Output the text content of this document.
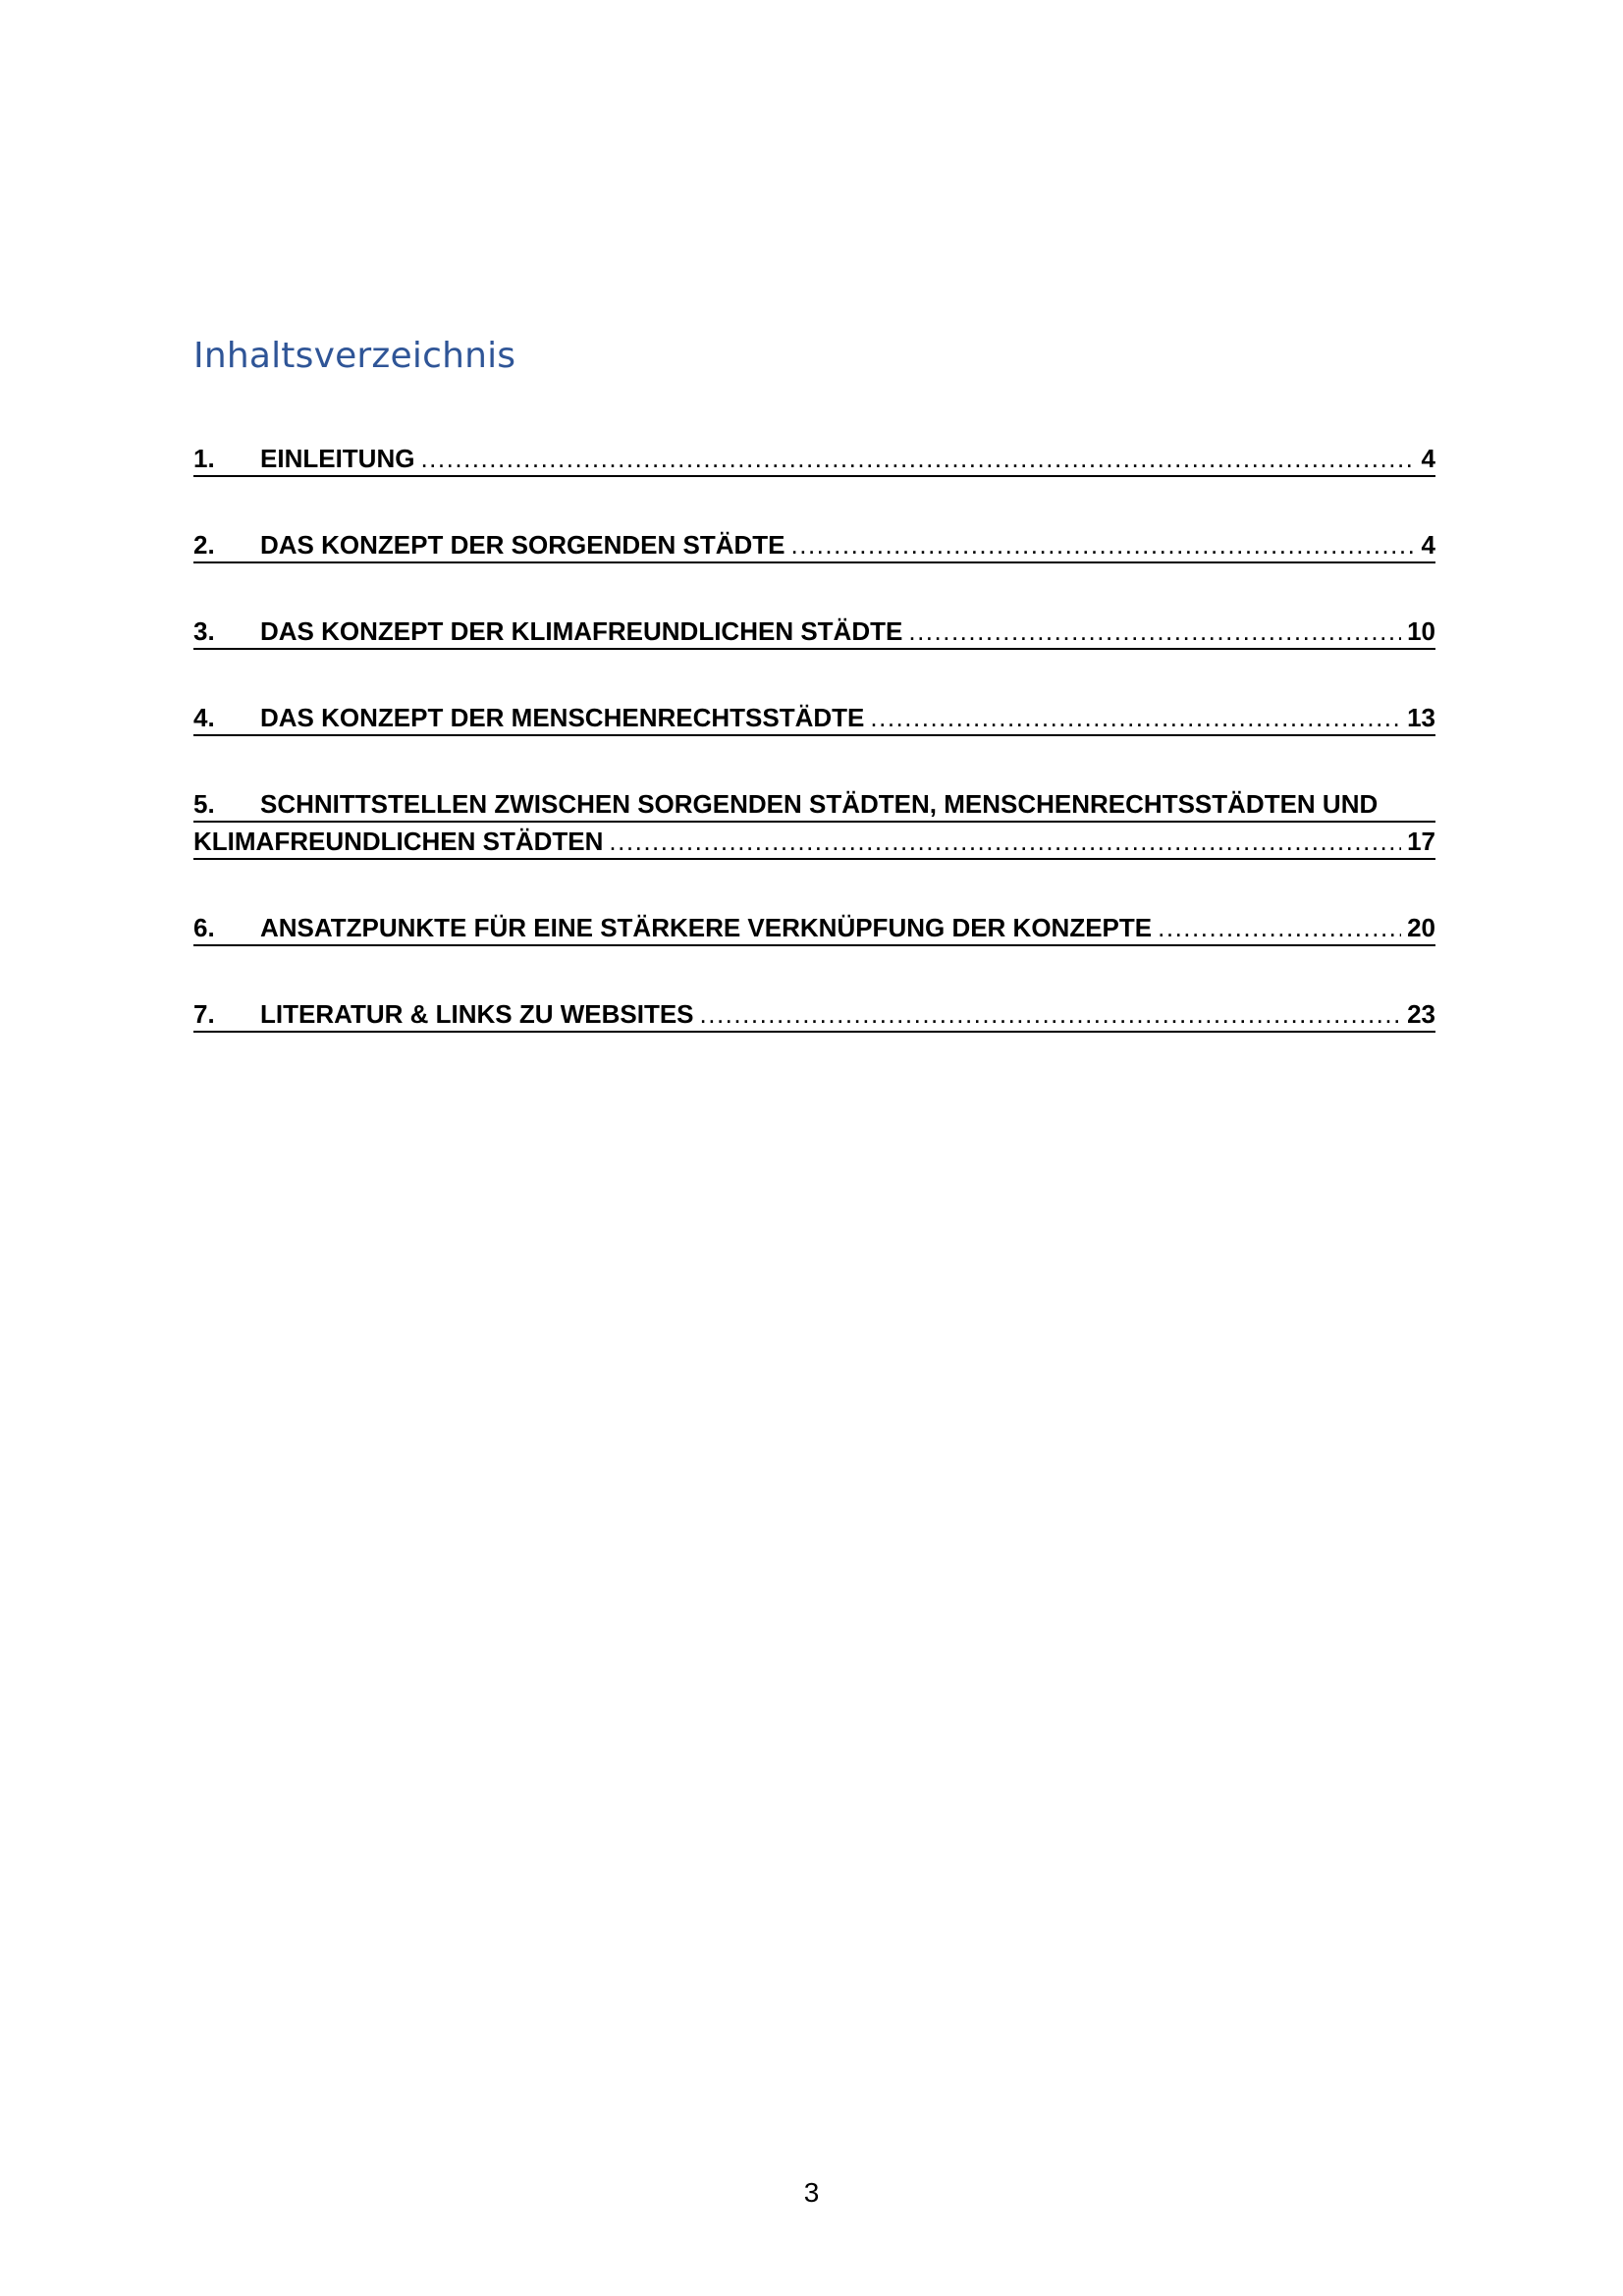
Inhaltsverzeichnis
1.	EINLEITUNG .....	4
2.	DAS KONZEPT DER SORGENDEN STÄDTE .....	4
3.	DAS KONZEPT DER KLIMAFREUNDLICHEN STÄDTE .....	10
4.	DAS KONZEPT DER MENSCHENRECHTSSTÄDTE .....	13
5.	SCHNITTSTELLEN ZWISCHEN SORGENDEN STÄDTEN, MENSCHENRECHTSSTÄDTEN UND
KLIMAFREUNDLICHEN STÄDTEN .....	17
6.	ANSATZPUNKTE FÜR EINE STÄRKERE VERKNÜPFUNG DER KONZEPTE .....	20
7.	LITERATUR & LINKS ZU WEBSITES .....	23
3
